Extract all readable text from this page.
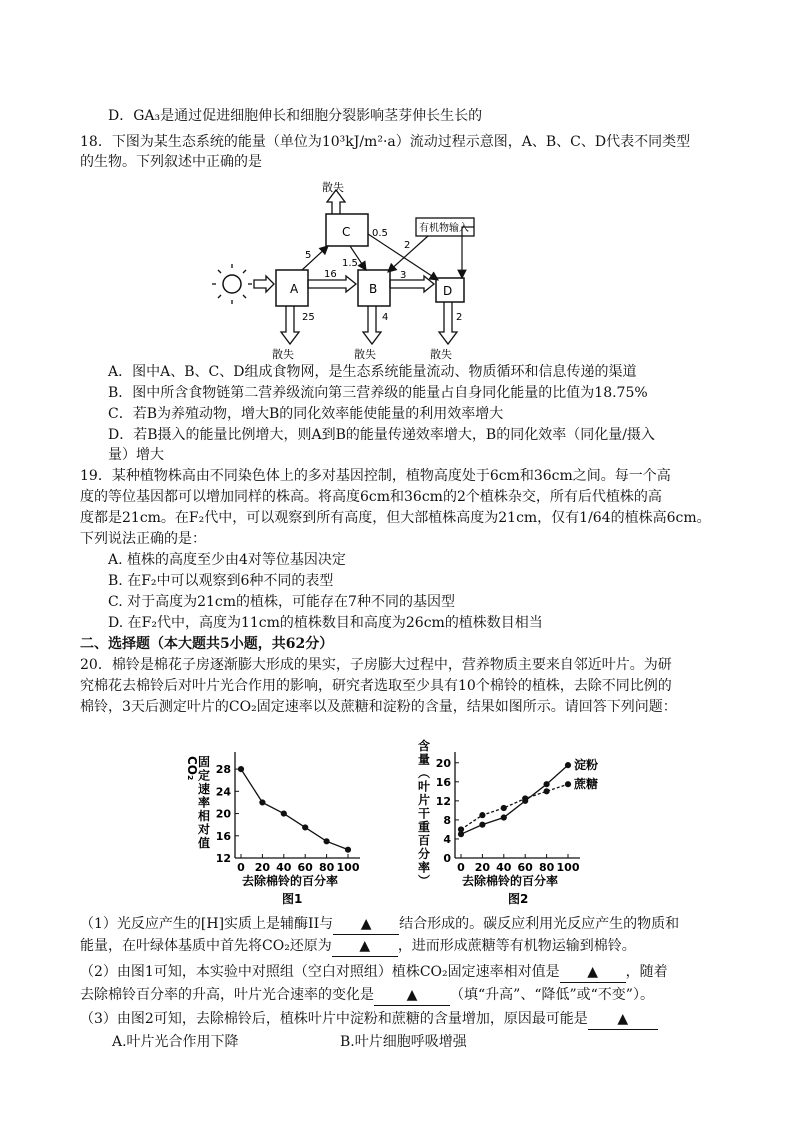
D．GA₃是通过促进细胞伸长和细胞分裂影响茎芽伸长生长的
18．下图为某生态系统的能量（单位为10³kJ/m²·a）流动过程示意图，A、B、C、D代表不同类型
的生物。下列叙述中正确的是
A	B
C
D
有机物输入
散失
散失	散失	散失
25	4	2
16
5
1.5
0.5
3
2
A．图中A、B、C、D组成食物网，是生态系统能量流动、物质循环和信息传递的渠道
B．图中所含食物链第二营养级流向第三营养级的能量占自身同化能量的比值为18.75%
C．若B为养殖动物，增大B的同化效率能使能量的利用效率增大
D．若B摄入的能量比例增大，则A到B的能量传递效率增大，B的同化效率（同化量/摄入
量）增大
19．某种植物株高由不同染色体上的多对基因控制，植物高度处于6cm和36cm之间。每一个高
度的等位基因都可以增加同样的株高。将高度6cm和36cm的2个植株杂交，所有后代植株的高
度都是21cm。在F₂代中，可以观察到所有高度，但大部植株高度为21cm，仅有1/64的植株高6cm。
下列说法正确的是：
A. 植株的高度至少由4对等位基因决定
B. 在F₂中可以观察到6种不同的表型
C. 对于高度为21cm的植株，可能存在7种不同的基因型
D. 在F₂代中，高度为11cm的植株数目和高度为26cm的植株数目相当
二、选择题（本大题共5小题，共62分）
20．棉铃是棉花子房逐渐膨大形成的果实，子房膨大过程中，营养物质主要来自邻近叶片。为研
究棉花去棉铃后对叶片光合作用的影响，研究者选取至少具有10个棉铃的植株，去除不同比例的
棉铃，3天后测定叶片的CO₂固定速率以及蔗糖和淀粉的含量，结果如图所示。请回答下列问题：
CO₂
固
定
速
率
相
对
值
去除棉铃的百分率
图1
12
16
20
24
28
0 20 40 60 80 100
含
量
︵
叶
片
干
重
百
分
率
︶	去除棉铃的百分率
图2
0
4
8
12
16
20
0 20 40 60 80 100
淀粉
蔗糖
（1）光反应产生的[H]实质上是辅酶II与 ▲ 结合形成的。碳反应利用光反应产生的物质和
能量，在叶绿体基质中首先将CO₂还原为 ▲ ，进而形成蔗糖等有机物运输到棉铃。
（2）由图1可知，本实验中对照组（空白对照组）植株CO₂固定速率相对值是 ▲ ，随着
去除棉铃百分率的升高，叶片光合速率的变化是 ▲ （填“升高”、“降低”或“不变”）。
（3）由图2可知，去除棉铃后，植株叶片中淀粉和蔗糖的含量增加，原因最可能是 ▲
A.叶片光合作用下降	B.叶片细胞呼吸增强
